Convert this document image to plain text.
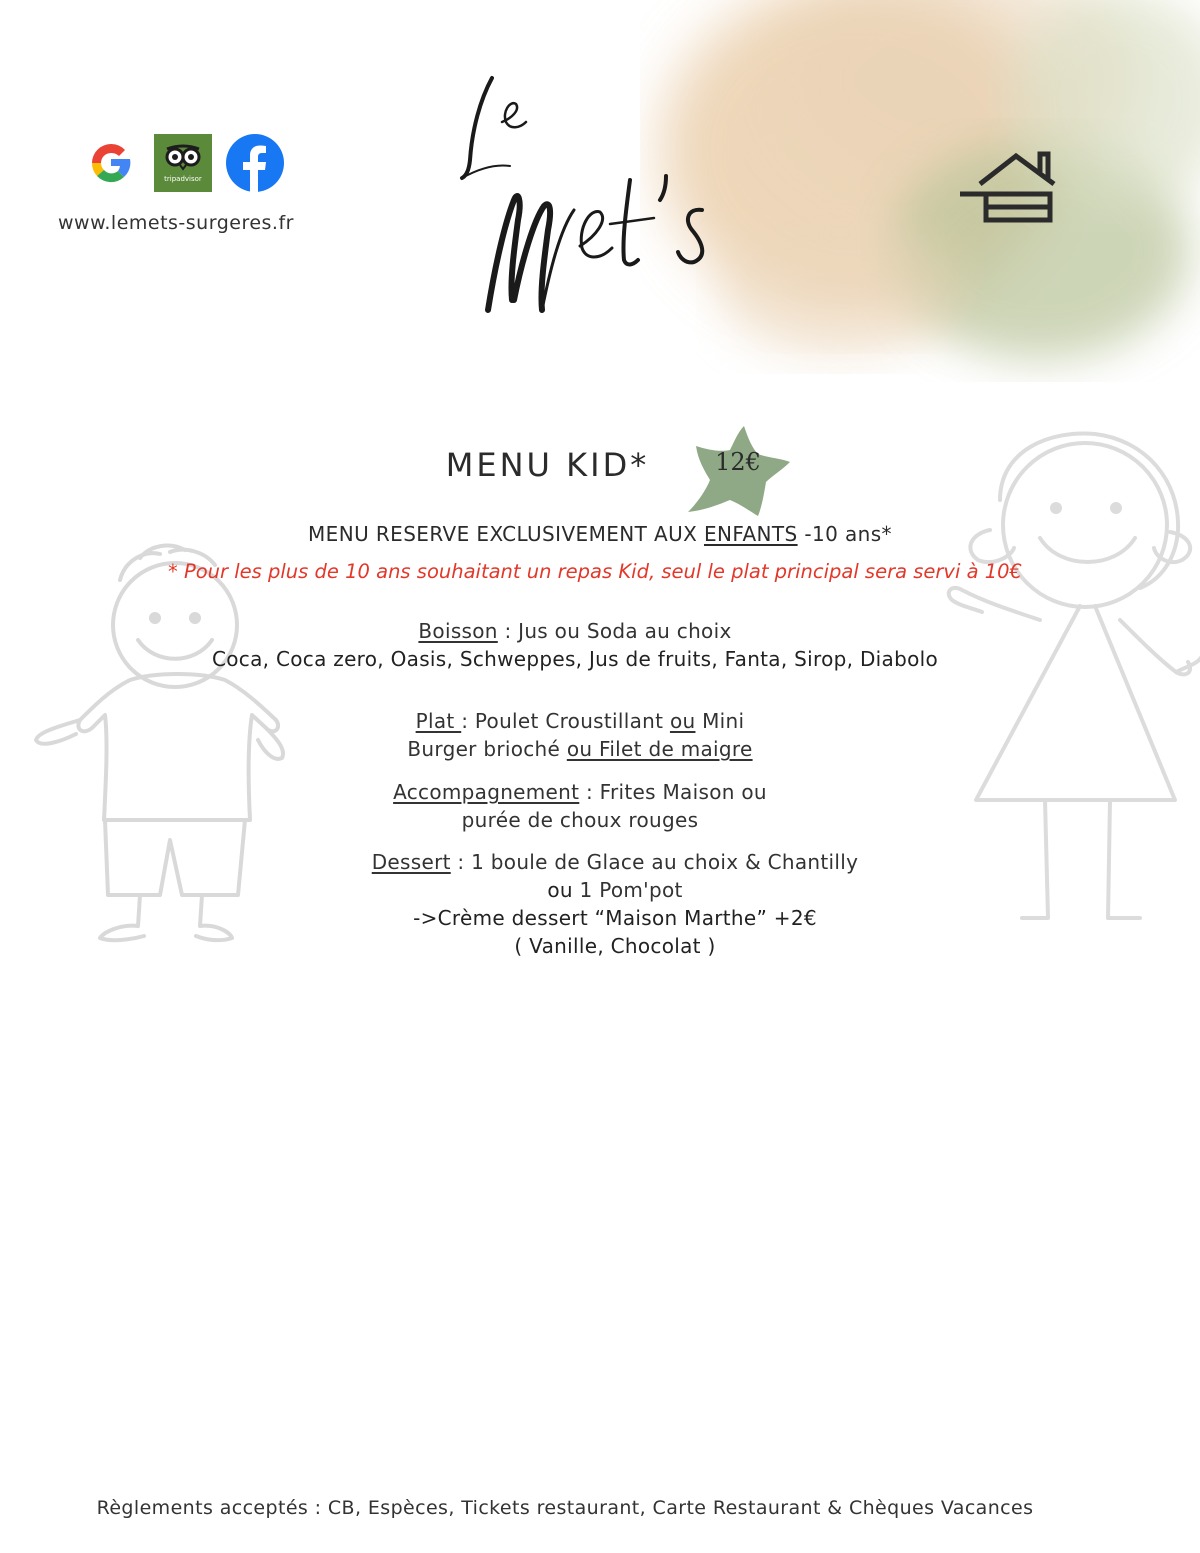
tripadvisor
www.lemets-surgeres.fr
MENU KID*	12€
MENU RESERVE EXCLUSIVEMENT AUX ENFANTS -10 ans*
* Pour les plus de 10 ans souhaitant un repas Kid, seul le plat principal sera servi à 10€
Boisson : Jus ou Soda au choix
Coca, Coca zero, Oasis, Schweppes, Jus de fruits, Fanta, Sirop, Diabolo
Plat : Poulet Croustillant ou Mini
Burger brioché ou Filet de maigre
Accompagnement : Frites Maison ou
purée de choux rouges
Dessert : 1 boule de Glace au choix & Chantilly
ou 1 Pom'pot
->Crème dessert “Maison Marthe” +2€
( Vanille, Chocolat )
Règlements acceptés : CB, Espèces, Tickets restaurant, Carte Restaurant & Chèques Vacances
